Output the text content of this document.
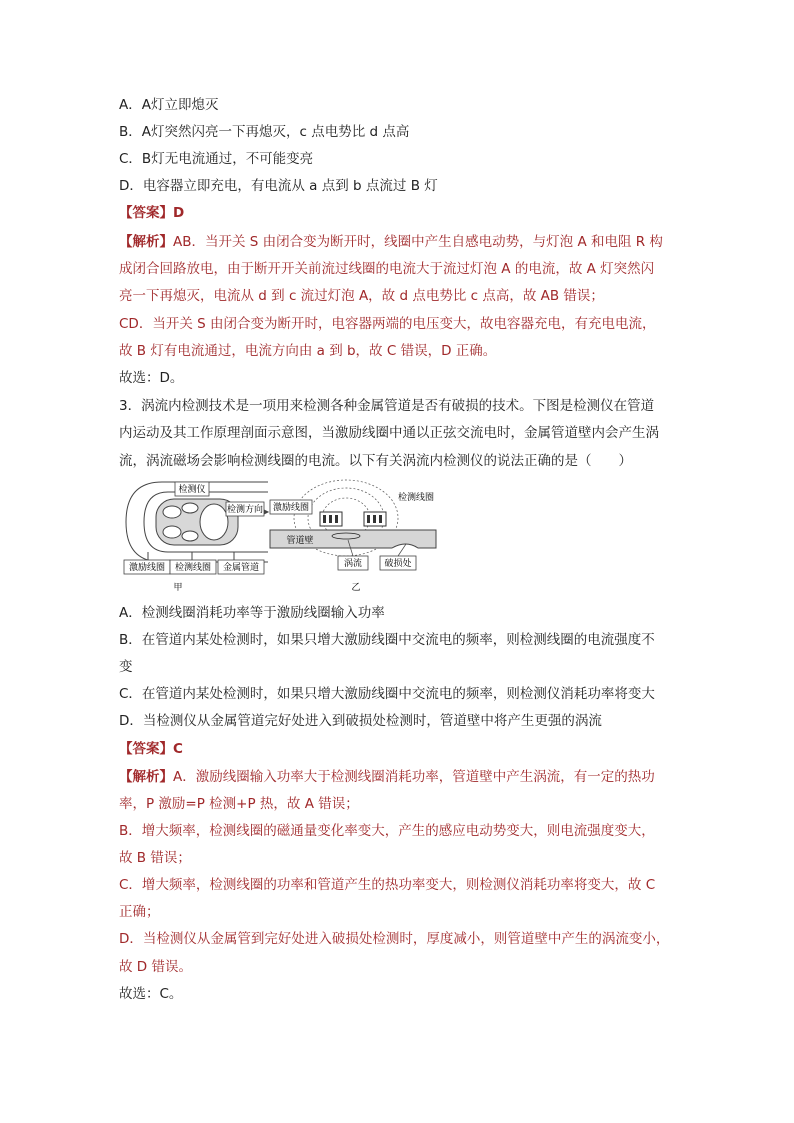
A．A灯立即熄灭
B．A灯突然闪亮一下再熄灭，c 点电势比 d 点高
C．B灯无电流通过，不可能变亮
D．电容器立即充电，有电流从 a 点到 b 点流过 B 灯
【答案】D
【解析】AB．当开关 S 由闭合变为断开时，线圈中产生自感电动势，与灯泡 A 和电阻 R 构
成闭合回路放电，由于断开开关前流过线圈的电流大于流过灯泡 A 的电流，故 A 灯突然闪
亮一下再熄灭，电流从 d 到 c 流过灯泡 A，故 d 点电势比 c 点高，故 AB 错误；
CD．当开关 S 由闭合变为断开时，电容器两端的电压变大，故电容器充电，有充电电流，
故 B 灯有电流通过，电流方向由 a 到 b，故 C 错误，D 正确。
故选：D。
3．涡流内检测技术是一项用来检测各种金属管道是否有破损的技术。下图是检测仪在管道
内运动及其工作原理剖面示意图，当激励线圈中通以正弦交流电时，金属管道壁内会产生涡
流，涡流磁场会影响检测线圈的电流。以下有关涡流内检测仪的说法正确的是（　　）
检测仪
检测方向
激励线圈 检测线圈 金属管道
甲
管道壁
激励线圈
检测线圈
涡流 破损处
乙
A．检测线圈消耗功率等于激励线圈输入功率
B．在管道内某处检测时，如果只增大激励线圈中交流电的频率，则检测线圈的电流强度不
变
C．在管道内某处检测时，如果只增大激励线圈中交流电的频率，则检测仪消耗功率将变大
D．当检测仪从金属管道完好处进入到破损处检测时，管道壁中将产生更强的涡流
【答案】C
【解析】A．激励线圈输入功率大于检测线圈消耗功率，管道壁中产生涡流，有一定的热功
率，P 激励=P 检测+P 热，故 A 错误；
B．增大频率，检测线圈的磁通量变化率变大，产生的感应电动势变大，则电流强度变大，
故 B 错误；
C．增大频率，检测线圈的功率和管道产生的热功率变大，则检测仪消耗功率将变大，故 C
正确；
D．当检测仪从金属管到完好处进入破损处检测时，厚度减小，则管道壁中产生的涡流变小，
故 D 错误。
故选：C。
